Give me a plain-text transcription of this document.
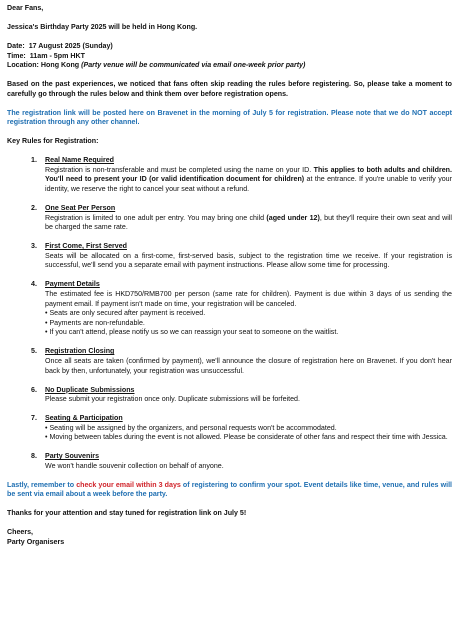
Dear Fans,

Jessica's Birthday Party 2025 will be held in Hong Kong.

Date: 17 August 2025 (Sunday)

Time: 11am - 5pm HKT

Location: Hong Kong (Party venue will be communicated via email one-week prior party)

Based on the past experiences, we noticed that fans often skip reading the rules before registering. So, please take a moment to carefully go through the rules below and think them over before registration opens.

The registration link will be posted here on Bravenet in the morning of July 5 for registration. Please note that we do NOT accept registration through any other channel.

Key Rules for Registration:

1.	Real Name Required
Registration is non-transferable and must be completed using the name on your ID. This applies to both adults and children. You'll need to present your ID (or valid identification document for children) at the entrance. If you're unable to verify your identity, we reserve the right to cancel your seat without a refund.
2.	One Seat Per Person
Registration is limited to one adult per entry. You may bring one child (aged under 12), but they'll require their own seat and will be charged the same rate.
3.	First Come, First Served
Seats will be allocated on a first-come, first-served basis, subject to the registration time we receive. If your registration is successful, we'll send you a separate email with payment instructions. Please allow some time for processing.
4.	Payment Details
The estimated fee is HKD750/RMB700 per person (same rate for children). Payment is due within 3 days of us sending the payment email. If payment isn't made on time, your registration will be canceled.
• Seats are only secured after payment is received.
• Payments are non-refundable.
• If you can't attend, please notify us so we can reassign your seat to someone on the waitlist.
5.	Registration Closing
Once all seats are taken (confirmed by payment), we'll announce the closure of registration here on Bravenet. If you don't hear back by then, unfortunately, your registration was unsuccessful.
6.	No Duplicate Submissions
Please submit your registration once only. Duplicate submissions will be forfeited.
7.	Seating & Participation
• Seating will be assigned by the organizers, and personal requests won't be accommodated.
• Moving between tables during the event is not allowed. Please be considerate of other fans and respect their time with Jessica.
8.	Party Souvenirs
We won't handle souvenir collection on behalf of anyone.

Lastly, remember to check your email within 3 days of registering to confirm your spot. Event details like time, venue, and rules will be sent via email about a week before the party.

Thanks for your attention and stay tuned for registration link on July 5!

Cheers,

Party Organisers
